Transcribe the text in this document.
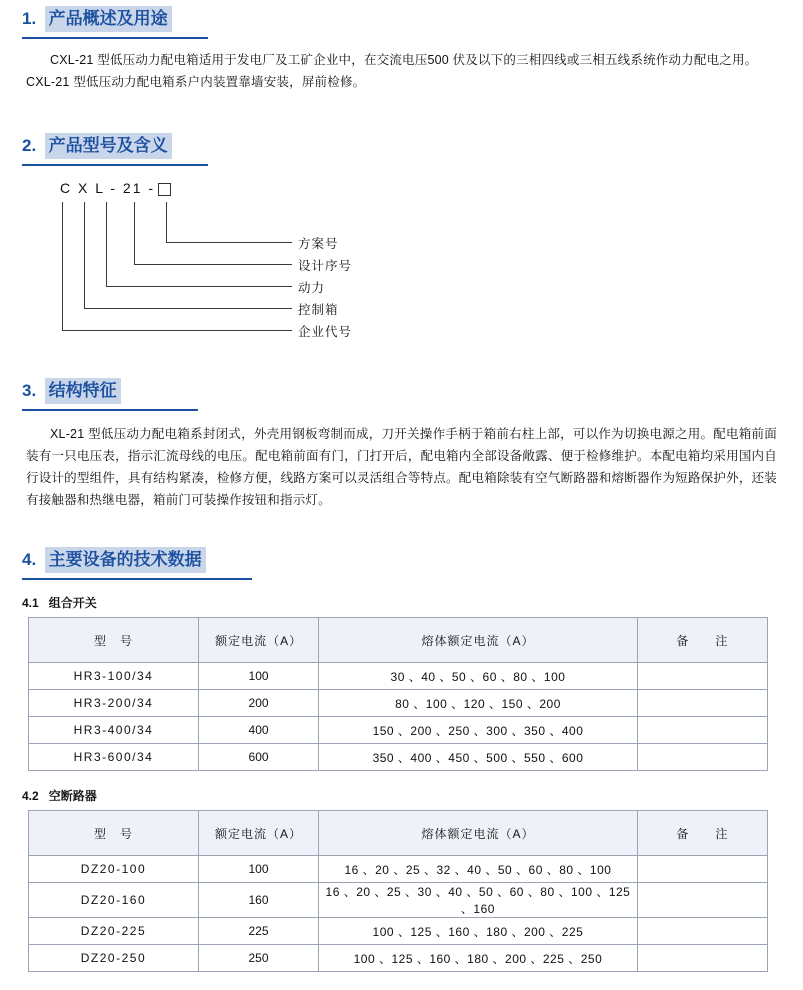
1. 产品概述及用途

CXL-21 型低压动力配电箱适用于发电厂及工矿企业中，在交流电压500 伏及以下的三相四线或三相五线系统作动力配电之用。

CXL-21 型低压动力配电箱系户内装置靠墙安装，屏前检修。

2. 产品型号及含义
C X L - 21 -
方案号
设计序号
动力
控制箱
企业代号
3. 结构特征

XL-21 型低压动力配电箱系封闭式，外壳用钢板弯制而成，刀开关操作手柄于箱前右柱上部，可以作为切换电源之用。配电箱前面装有一只电压表，指示汇流母线的电压。配电箱前面有门，门打开后，配电箱内全部设备敞露、便于检修维护。本配电箱均采用国内自行设计的型组件，具有结构紧凑，检修方便，线路方案可以灵活组合等特点。配电箱除装有空气断路器和熔断器作为短路保护外，还装有接触器和热继电器，箱前门可装操作按钮和指示灯。

4. 主要设备的技术数据
4.1 组合开关
型　号	额定电流（A）	熔体额定电流（A）	备　　注
HR3-100/34	100	30 、40 、50 、60 、80 、100	
HR3-200/34	200	80 、100 、120 、150 、200	
HR3-400/34	400	150 、200 、250 、300 、350 、400	
HR3-600/34	600	350 、400 、450 、500 、550 、600	
4.2 空断路器
型　号	额定电流（A）	熔体额定电流（A）	备　　注
DZ20-100	100	16 、20 、25 、32 、40 、50 、60 、80 、100	
DZ20-160	160	16 、20 、25 、30 、40 、50 、60 、80 、100 、125 、160	
DZ20-225	225	100 、125 、160 、180 、200 、225	
DZ20-250	250	100 、125 、160 、180 、200 、225 、250	
